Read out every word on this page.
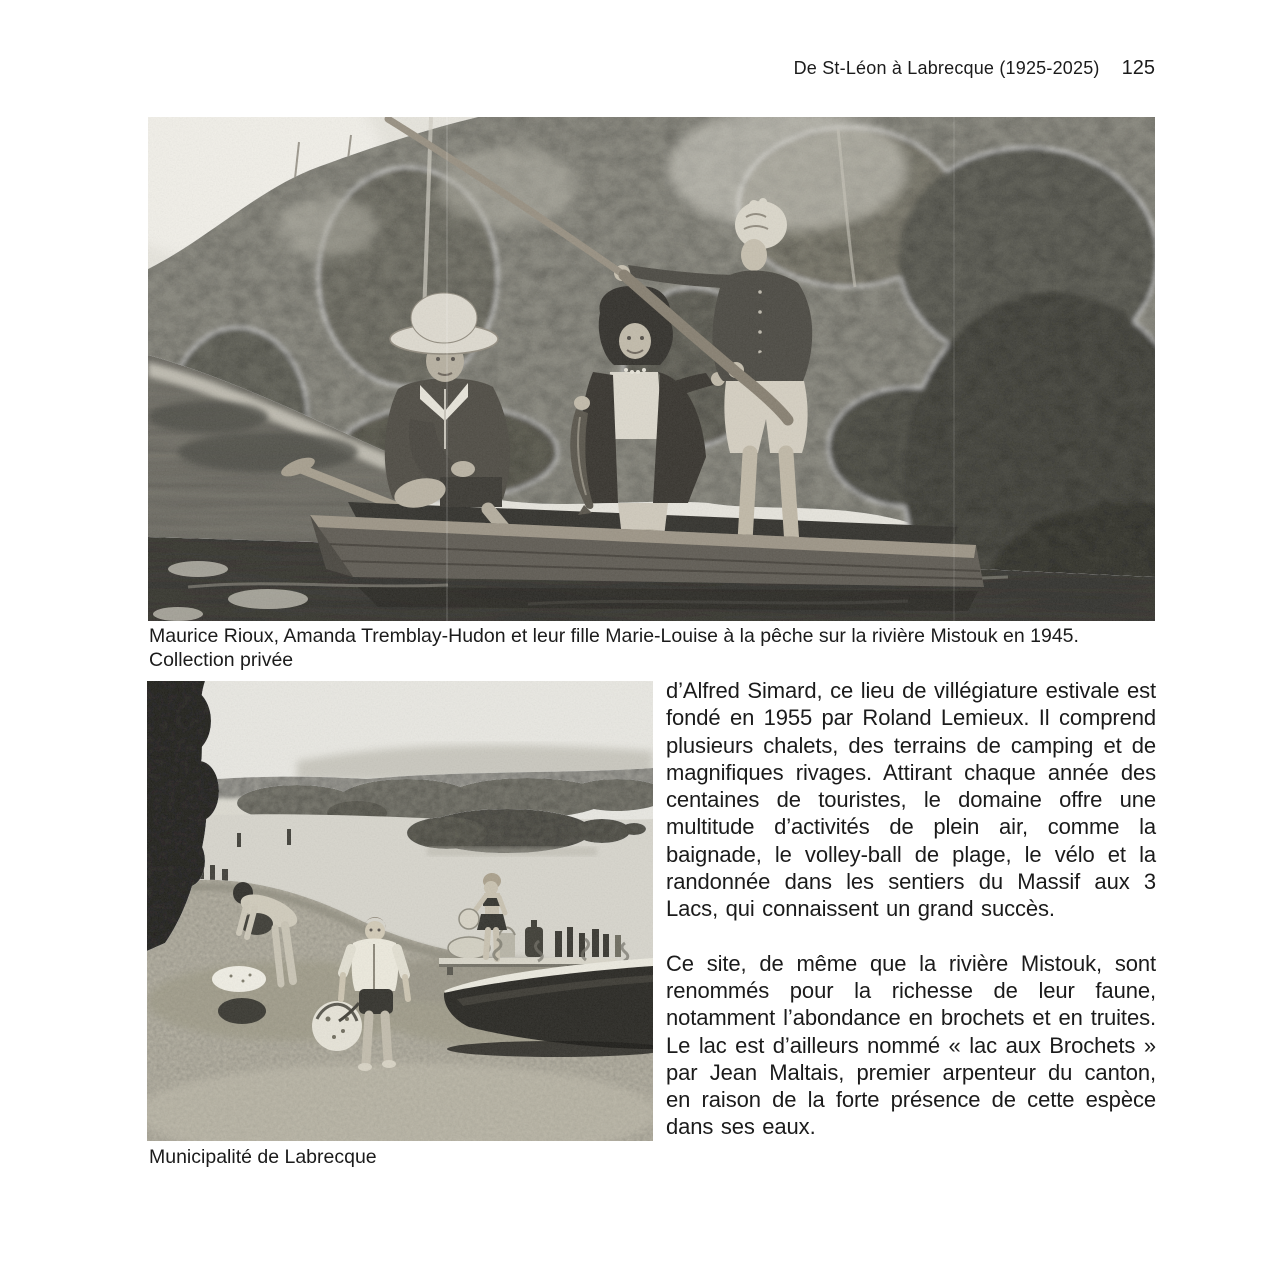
De St-Léon à Labrecque (1925-2025) 125
Maurice Rioux, Amanda Tremblay-Hudon et leur fille Marie-Louise à la pêche sur la rivière Mistouk en 1945.
Collection privée
Municipalité de Labrecque

d’Alfred Simard, ce lieu de villégiature estivale est fondé en 1955 par Roland Lemieux. Il comprend plusieurs chalets, des terrains de camping et de magnifiques rivages. Attirant chaque année des centaines de touristes, le domaine offre une multitude d’activités de plein air, comme la baignade, le volley-ball de plage, le vélo et la randonnée dans les sentiers du Massif aux 3 Lacs, qui connaissent un grand succès.

Ce site, de même que la rivière Mistouk, sont renommés pour la richesse de leur faune, notamment l’abondance en brochets et en truites. Le lac est d’ailleurs nommé « lac aux Brochets » par Jean Maltais, premier arpenteur du canton, en raison de la forte présence de cette espèce dans ses eaux.
